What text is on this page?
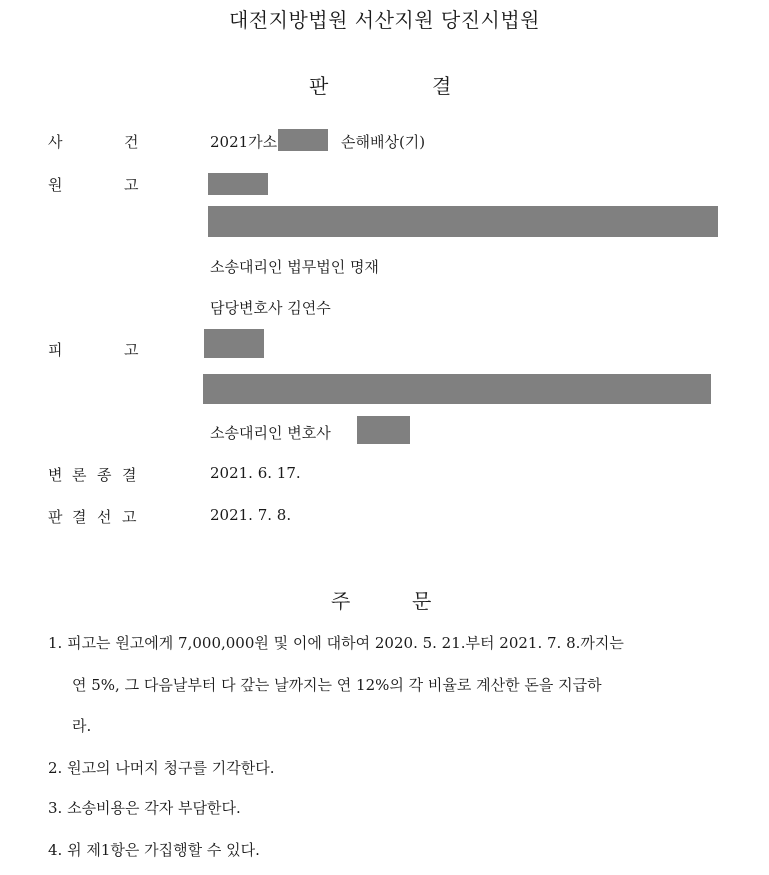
대전지방법원 서산지원 당진시법원
판	결
사	건	2021가소	손해배상(기)
원	고
소송대리인 법무법인 명재
담당변호사 김연수
피	고
소송대리인 변호사
변 론 종 결	2021. 6. 17.
판 결 선 고	2021. 7. 8.
주	문
1. 피고는 원고에게 7,000,000원 및 이에 대하여 2020. 5. 21.부터 2021. 7. 8.까지는
연 5%, 그 다음날부터 다 갚는 날까지는 연 12%의 각 비율로 계산한 돈을 지급하
라.
2. 원고의 나머지 청구를 기각한다.
3. 소송비용은 각자 부담한다.
4. 위 제1항은 가집행할 수 있다.
